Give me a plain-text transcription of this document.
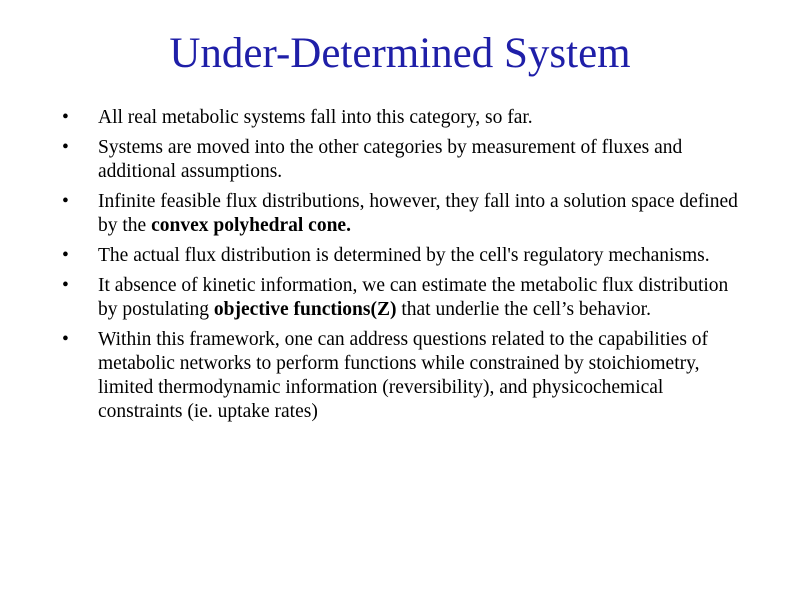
Under-Determined System
•	All real metabolic systems fall into this category, so far.
•	Systems are moved into the other categories by measurement of fluxes and additional assumptions.
•	Infinite feasible flux distributions, however, they fall into a solution space defined by the convex polyhedral cone.
•	The actual flux distribution is determined by the cell's regulatory mechanisms.
•	It absence of kinetic information, we can estimate the metabolic flux distribution by postulating objective functions(Z) that underlie the cell’s behavior.
•	Within this framework, one can address questions related to the capabilities of metabolic networks to perform functions while constrained by stoichiometry, limited thermodynamic information (reversibility), and physicochemical constraints (ie. uptake rates)
